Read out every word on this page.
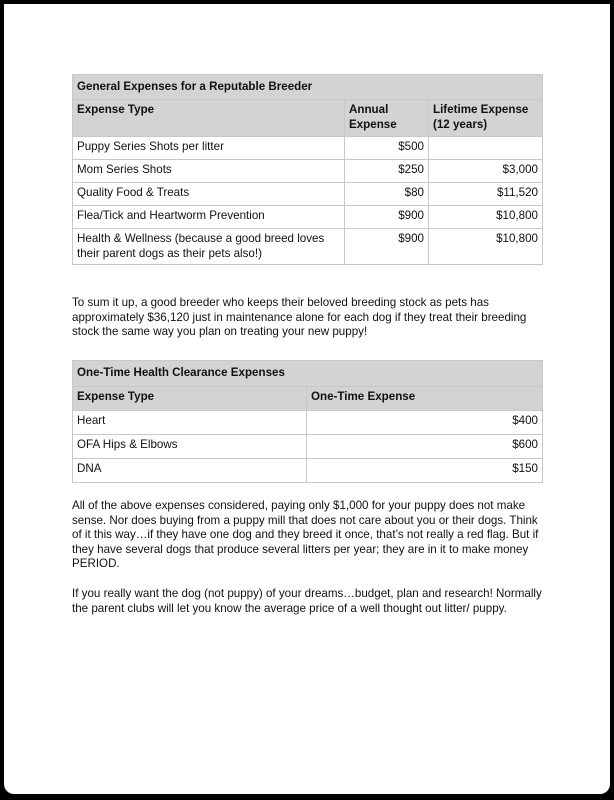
General Expenses for a Reputable Breeder		
Expense Type	Annual Expense	Lifetime Expense (12 years)
Puppy Series Shots per litter	$500	
Mom Series Shots	$250	$3,000
Quality Food & Treats	$80	$11,520
Flea/Tick and Heartworm Prevention	$900	$10,800
Health & Wellness (because a good breed loves their parent dogs as their pets also!)	$900	$10,800

To sum it up, a good breeder who keeps their beloved breeding stock as pets has approximately $36,120 just in maintenance alone for each dog if they treat their breeding stock the same way you plan on treating your new puppy!

One-Time Health Clearance Expenses	
Expense Type	One-Time Expense
Heart	$400
OFA Hips & Elbows	$600
DNA	$150

All of the above expenses considered, paying only $1,000 for your puppy does not make sense. Nor does buying from a puppy mill that does not care about you or their dogs. Think of it this way…if they have one dog and they breed it once, that’s not really a red flag. But if they have several dogs that produce several litters per year; they are in it to make money PERIOD.

If you really want the dog (not puppy) of your dreams…budget, plan and research! Normally the parent clubs will let you know the average price of a well thought out litter/ puppy.
